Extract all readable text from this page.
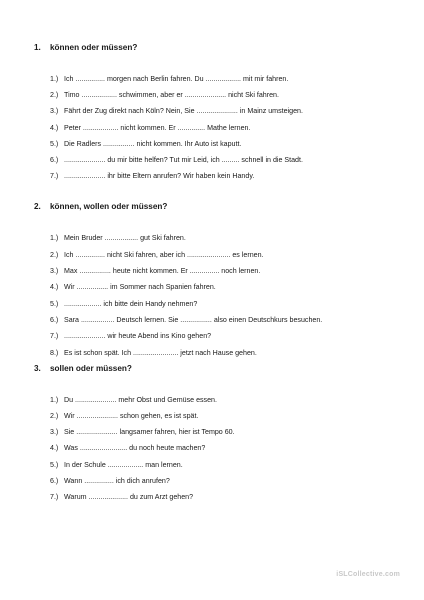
1. können oder müssen?
1.) Ich ............... morgen nach Berlin fahren. Du .................. mit mir fahren.
2.) Timo .................. schwimmen, aber er ..................... nicht Ski fahren.
3.) Fährt der Zug direkt nach Köln? Nein, Sie ..................... in Mainz umsteigen.
4.) Peter .................. nicht kommen. Er .............. Mathe lernen.
5.) Die Radlers ................ nicht kommen. Ihr Auto ist kaputt.
6.) ..................... du mir bitte helfen? Tut mir Leid, ich ......... schnell in die Stadt.
7.) ..................... ihr bitte Eltern anrufen? Wir haben kein Handy.
2. können, wollen oder müssen?
1.) Mein Bruder ................. gut Ski fahren.
2.) Ich ............... nicht Ski fahren, aber ich ...................... es lernen.
3.) Max ................ heute nicht kommen. Er ............... noch lernen.
4.) Wir ................ im Sommer nach Spanien fahren.
5.) ................... ich bitte dein Handy nehmen?
6.) Sara ................. Deutsch lernen. Sie ................ also einen Deutschkurs besuchen.
7.) ..................... wir heute Abend ins Kino gehen?
8.) Es ist schon spät. Ich ....................... jetzt nach Hause gehen.
3. sollen oder müssen?
1.) Du ..................... mehr Obst und Gemüse essen.
2.) Wir ..................... schon gehen, es ist spät.
3.) Sie ..................... langsamer fahren, hier ist Tempo 60.
4.) Was ........................ du noch heute machen?
5.) In der Schule .................. man lernen.
6.) Wann ............... ich dich anrufen?
7.) Warum .................... du zum Arzt gehen?
iSLCollective.com
